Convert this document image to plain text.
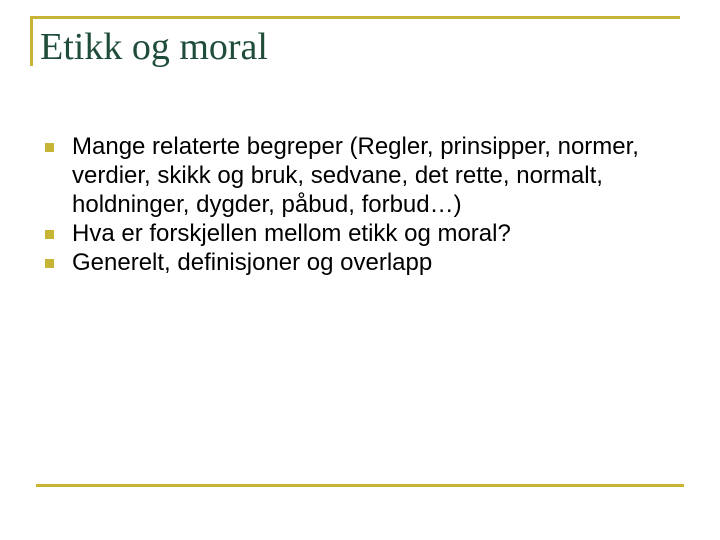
Etikk og moral
Mange relaterte begreper (Regler, prinsipper, normer, verdier, skikk og bruk, sedvane, det rette, normalt, holdninger, dygder, påbud, forbud…)
Hva er forskjellen mellom etikk og moral?
Generelt, definisjoner og overlapp
